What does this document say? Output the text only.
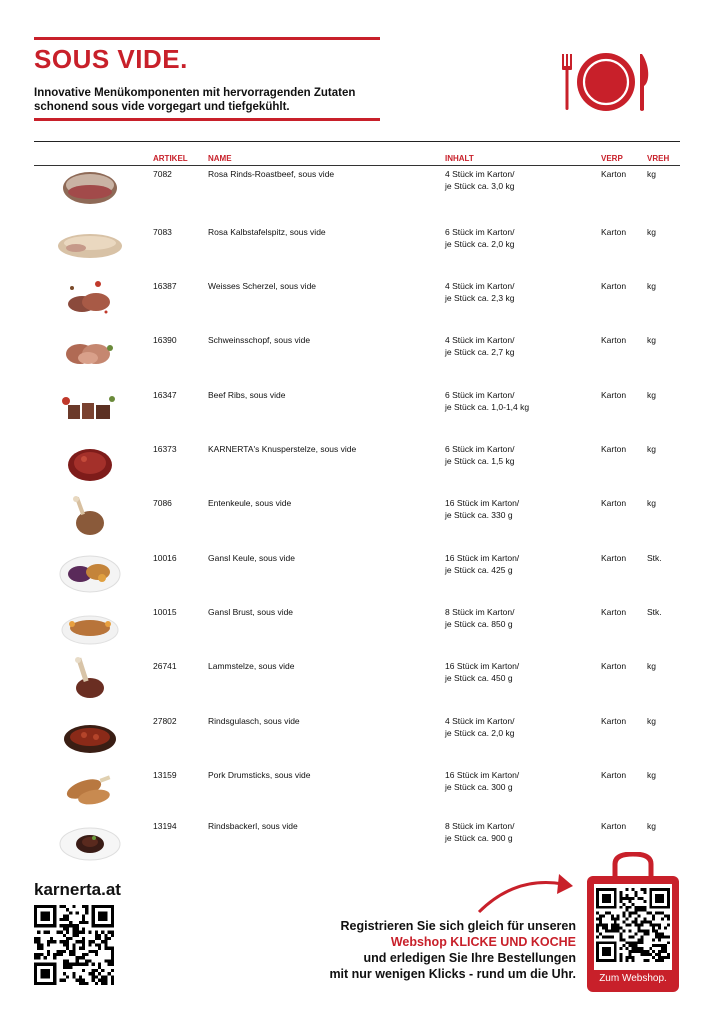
SOUS VIDE.
Innovative Menükomponenten mit hervorragenden Zutaten
schonend sous vide vorgegart und tiefgekühlt.
ARTIKEL	NAME	INHALT	VERP	VREH
7082	Rosa Rinds-Roastbeef, sous vide	4 Stück im Karton/
je Stück ca. 3,0 kg
Karton kg
7083	Rosa Kalbstafelspitz, sous vide	6 Stück im Karton/
je Stück ca. 2,0 kg
Karton kg
16387	Weisses Scherzel, sous vide	4 Stück im Karton/
je Stück ca. 2,3 kg
Karton kg
16390	Schweinsschopf, sous vide	4 Stück im Karton/
je Stück ca. 2,7 kg
Karton kg
16347	Beef Ribs, sous vide	6 Stück im Karton/
je Stück ca. 1,0-1,4 kg
Karton kg
16373	KARNERTA's Knusperstelze, sous vide	6 Stück im Karton/
je Stück ca. 1,5 kg
Karton kg
7086	Entenkeule, sous vide	16 Stück im Karton/
je Stück ca. 330 g
Karton kg
10016	Gansl Keule, sous vide	16 Stück im Karton/
je Stück ca. 425 g
Karton Stk.
10015	Gansl Brust, sous vide	8 Stück im Karton/
je Stück ca. 850 g
Karton Stk.
26741	Lammstelze, sous vide	16 Stück im Karton/
je Stück ca. 450 g
Karton kg
27802	Rindsgulasch, sous vide	4 Stück im Karton/
je Stück ca. 2,0 kg
Karton kg
13159	Pork Drumsticks, sous vide	16 Stück im Karton/
je Stück ca. 300 g
Karton kg
13194	Rindsbackerl, sous vide	8 Stück im Karton/
je Stück ca. 900 g
Karton kg
karnerta.at
Registrieren Sie sich gleich für unseren
Webshop KLICKE UND KOCHE
und erledigen Sie Ihre Bestellungen
mit nur wenigen Klicks - rund um die Uhr.	Zum Webshop.
